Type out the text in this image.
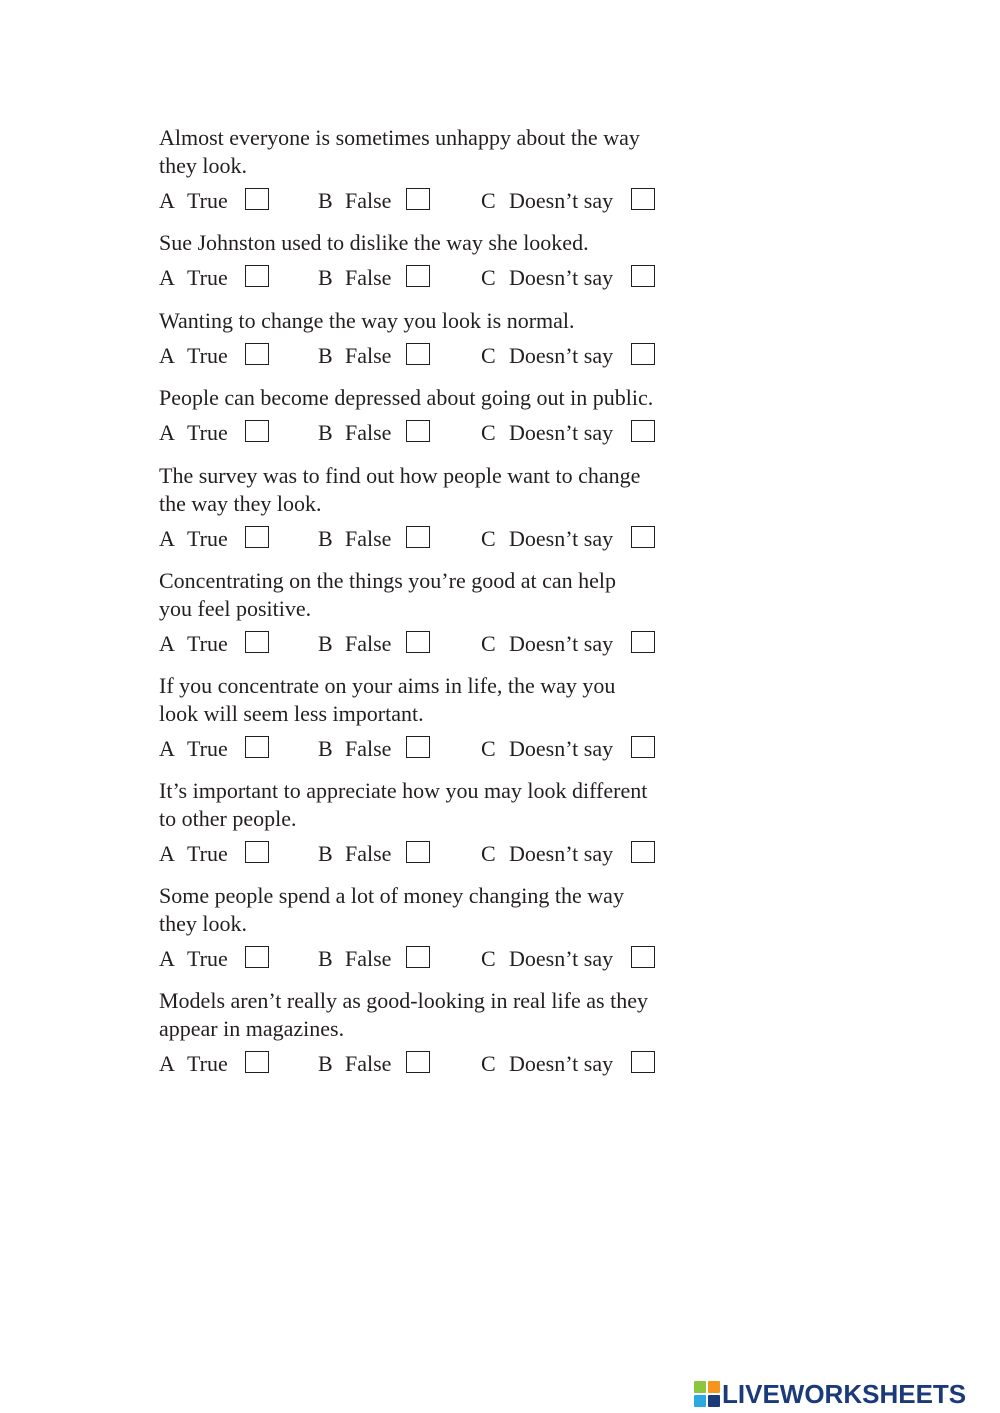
Almost everyone is sometimes unhappy about the way
they look.
A True	B False	C Doesn’t say
Sue Johnston used to dislike the way she looked.
A True	B False	C Doesn’t say
Wanting to change the way you look is normal.
A True	B False	C Doesn’t say
People can become depressed about going out in public.
A True	B False	C Doesn’t say
The survey was to find out how people want to change
the way they look.
A True	B False	C Doesn’t say
Concentrating on the things you’re good at can help
you feel positive.
A True	B False	C Doesn’t say
If you concentrate on your aims in life, the way you
look will seem less important.
A True	B False	C Doesn’t say
It’s important to appreciate how you may look different
to other people.
A True	B False	C Doesn’t say
Some people spend a lot of money changing the way
they look.
A True	B False	C Doesn’t say
Models aren’t really as good-looking in real life as they
appear in magazines.
A True	B False	C Doesn’t say
LIVEWORKSHEETS
